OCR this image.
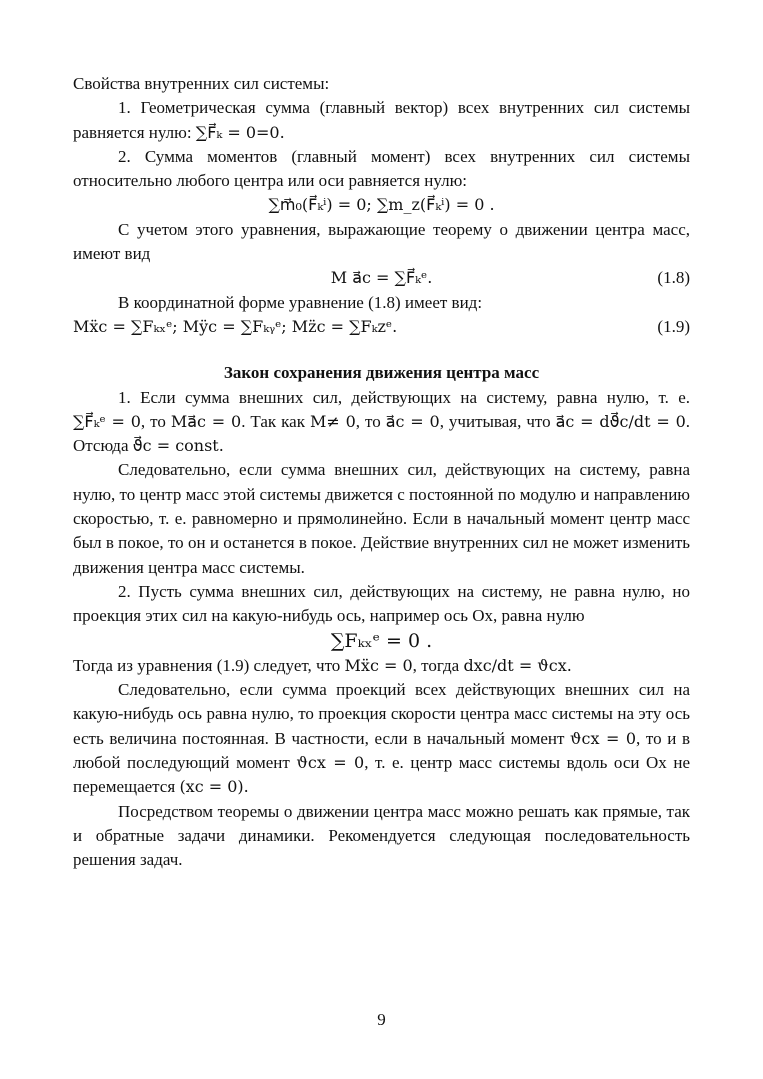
Свойства внутренних сил системы:

1. Геометрическая сумма (главный вектор) всех внутренних сил системы равняется нулю: ∑F⃗ₖ = 0=0.

2. Сумма моментов (главный момент) всех внутренних сил системы относительно любого центра или оси равняется нулю:

∑m⃗₀(F⃗ₖⁱ) = 0; ∑m_z(F⃗ₖⁱ) = 0 .

С учетом этого уравнения, выражающие теорему о движении центра масс, имеют вид

M a⃗c = ∑F⃗ₖᵉ.	(1.8)

В координатной форме уравнение (1.8) имеет вид:

Mẍc = ∑Fₖₓᵉ; Mÿc = ∑Fₖᵧᵉ; Mz̈c = ∑Fₖzᵉ.	(1.9)

Закон сохранения движения центра масс

1. Если сумма внешних сил, действующих на систему, равна нулю, т. е. ∑F⃗ₖᵉ = 0, то Ma⃗c = 0. Так как M≠ 0, то a⃗c = 0, учитывая, что a⃗c = dϑ⃗c/dt = 0. Отсюда ϑ⃗c = const.

Следовательно, если сумма внешних сил, действующих на систему, равна нулю, то центр масс этой системы движется с постоянной по модулю и направлению скоростью, т. е. равномерно и прямолинейно. Если в начальный момент центр масс был в покое, то он и останется в покое. Действие внутренних сил не может изменить движения центра масс системы.

2. Пусть сумма внешних сил, действующих на систему, не равна нулю, но проекция этих сил на какую-нибудь ось, например ось Ox, равна нулю

∑Fₖₓᵉ = 0 .

Тогда из уравнения (1.9) следует, что Mẍc = 0, тогда dxc/dt = ϑcx.

Следовательно, если сумма проекций всех действующих внешних сил на какую-нибудь ось равна нулю, то проекция скорости центра масс системы на эту ось есть величина постоянная. В частности, если в начальный момент ϑcx = 0, то и в любой последующий момент ϑcx = 0, т. е. центр масс системы вдоль оси Ox не перемещается (xc = 0).

Посредством теоремы о движении центра масс можно решать как прямые, так и обратные задачи динамики. Рекомендуется следующая последовательность решения задач.

9
